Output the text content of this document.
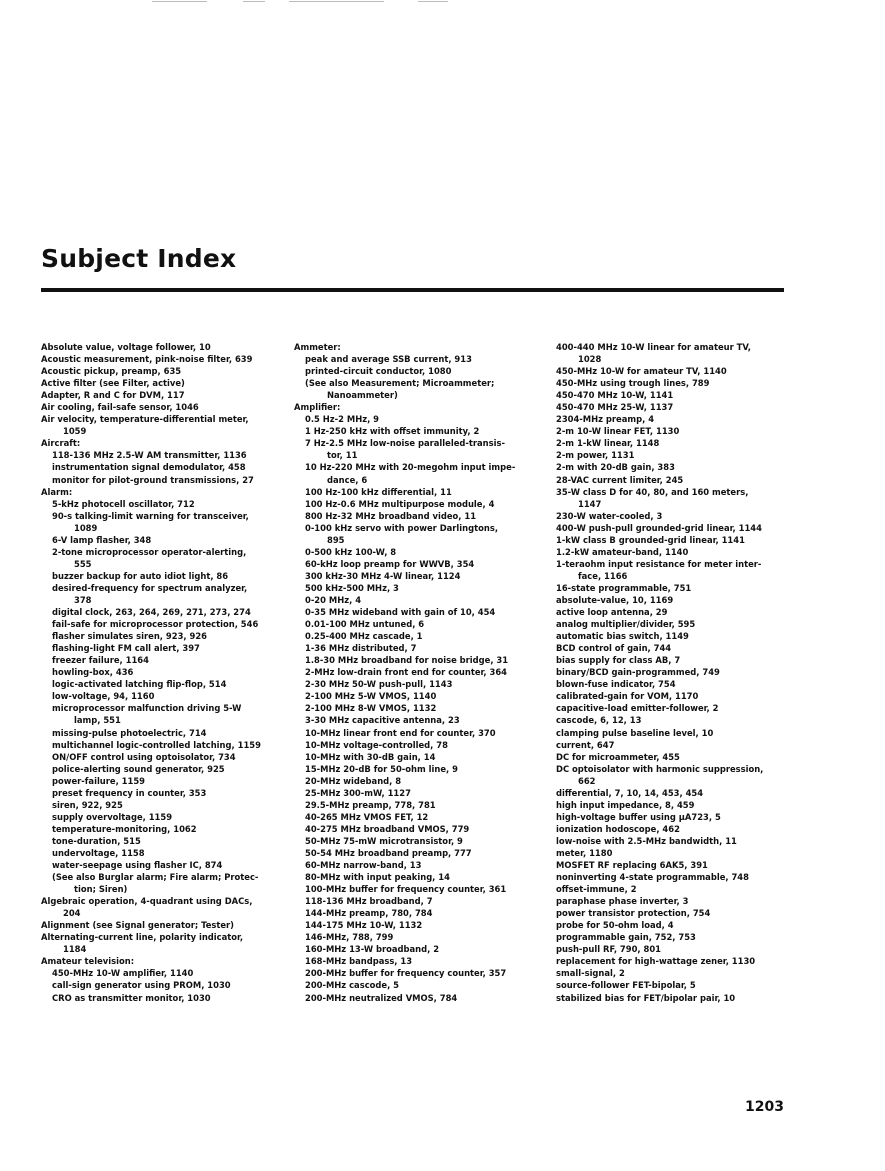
Subject Index
Absolute value, voltage follower, 10
Acoustic measurement, pink-noise filter, 639
Acoustic pickup, preamp, 635
Active filter (see Filter, active)
Adapter, R and C for DVM, 117
Air cooling, fail-safe sensor, 1046
Air velocity, temperature-differential meter,
1059
Aircraft:
118-136 MHz 2.5-W AM transmitter, 1136
instrumentation signal demodulator, 458
monitor for pilot-ground transmissions, 27
Alarm:
5-kHz photocell oscillator, 712
90-s talking-limit warning for transceiver,
1089
6-V lamp flasher, 348
2-tone microprocessor operator-alerting,
555
buzzer backup for auto idiot light, 86
desired-frequency for spectrum analyzer,
378
digital clock, 263, 264, 269, 271, 273, 274
fail-safe for microprocessor protection, 546
flasher simulates siren, 923, 926
flashing-light FM call alert, 397
freezer failure, 1164
howling-box, 436
logic-activated latching flip-flop, 514
low-voltage, 94, 1160
microprocessor malfunction driving 5-W
lamp, 551
missing-pulse photoelectric, 714
multichannel logic-controlled latching, 1159
ON/OFF control using optoisolator, 734
police-alerting sound generator, 925
power-failure, 1159
preset frequency in counter, 353
siren, 922, 925
supply overvoltage, 1159
temperature-monitoring, 1062
tone-duration, 515
undervoltage, 1158
water-seepage using flasher IC, 874
(See also Burglar alarm; Fire alarm; Protec-
tion; Siren)
Algebraic operation, 4-quadrant using DACs,
204
Alignment (see Signal generator; Tester)
Alternating-current line, polarity indicator,
1184
Amateur television:
450-MHz 10-W amplifier, 1140
call-sign generator using PROM, 1030
CRO as transmitter monitor, 1030
Ammeter:
peak and average SSB current, 913
printed-circuit conductor, 1080
(See also Measurement; Microammeter;
Nanoammeter)
Amplifier:
0.5 Hz-2 MHz, 9
1 Hz-250 kHz with offset immunity, 2
7 Hz-2.5 MHz low-noise paralleled-transis-
tor, 11
10 Hz-220 MHz with 20-megohm input impe-
dance, 6
100 Hz-100 kHz differential, 11
100 Hz-0.6 MHz multipurpose module, 4
800 Hz-32 MHz broadband video, 11
0-100 kHz servo with power Darlingtons,
895
0-500 kHz 100-W, 8
60-kHz loop preamp for WWVB, 354
300 kHz-30 MHz 4-W linear, 1124
500 kHz-500 MHz, 3
0-20 MHz, 4
0-35 MHz wideband with gain of 10, 454
0.01-100 MHz untuned, 6
0.25-400 MHz cascade, 1
1-36 MHz distributed, 7
1.8-30 MHz broadband for noise bridge, 31
2-MHz low-drain front end for counter, 364
2-30 MHz 50-W push-pull, 1143
2-100 MHz 5-W VMOS, 1140
2-100 MHz 8-W VMOS, 1132
3-30 MHz capacitive antenna, 23
10-MHz linear front end for counter, 370
10-MHz voltage-controlled, 78
10-MHz with 30-dB gain, 14
15-MHz 20-dB for 50-ohm line, 9
20-MHz wideband, 8
25-MHz 300-mW, 1127
29.5-MHz preamp, 778, 781
40-265 MHz VMOS FET, 12
40-275 MHz broadband VMOS, 779
50-MHz 75-mW microtransistor, 9
50-54 MHz broadband preamp, 777
60-MHz narrow-band, 13
80-MHz with input peaking, 14
100-MHz buffer for frequency counter, 361
118-136 MHz broadband, 7
144-MHz preamp, 780, 784
144-175 MHz 10-W, 1132
146-MHz, 788, 799
160-MHz 13-W broadband, 2
168-MHz bandpass, 13
200-MHz buffer for frequency counter, 357
200-MHz cascode, 5
200-MHz neutralized VMOS, 784
400-440 MHz 10-W linear for amateur TV,
1028
450-MHz 10-W for amateur TV, 1140
450-MHz using trough lines, 789
450-470 MHz 10-W, 1141
450-470 MHz 25-W, 1137
2304-MHz preamp, 4
2-m 10-W linear FET, 1130
2-m 1-kW linear, 1148
2-m power, 1131
2-m with 20-dB gain, 383
28-VAC current limiter, 245
35-W class D for 40, 80, and 160 meters,
1147
230-W water-cooled, 3
400-W push-pull grounded-grid linear, 1144
1-kW class B grounded-grid linear, 1141
1.2-kW amateur-band, 1140
1-teraohm input resistance for meter inter-
face, 1166
16-state programmable, 751
absolute-value, 10, 1169
active loop antenna, 29
analog multiplier/divider, 595
automatic bias switch, 1149
BCD control of gain, 744
bias supply for class AB, 7
binary/BCD gain-programmed, 749
blown-fuse indicator, 754
calibrated-gain for VOM, 1170
capacitive-load emitter-follower, 2
cascode, 6, 12, 13
clamping pulse baseline level, 10
current, 647
DC for microammeter, 455
DC optoisolator with harmonic suppression,
662
differential, 7, 10, 14, 453, 454
high input impedance, 8, 459
high-voltage buffer using µA723, 5
ionization hodoscope, 462
low-noise with 2.5-MHz bandwidth, 11
meter, 1180
MOSFET RF replacing 6AK5, 391
noninverting 4-state programmable, 748
offset-immune, 2
paraphase phase inverter, 3
power transistor protection, 754
probe for 50-ohm load, 4
programmable gain, 752, 753
push-pull RF, 790, 801
replacement for high-wattage zener, 1130
small-signal, 2
source-follower FET-bipolar, 5
stabilized bias for FET/bipolar pair, 10
1203
